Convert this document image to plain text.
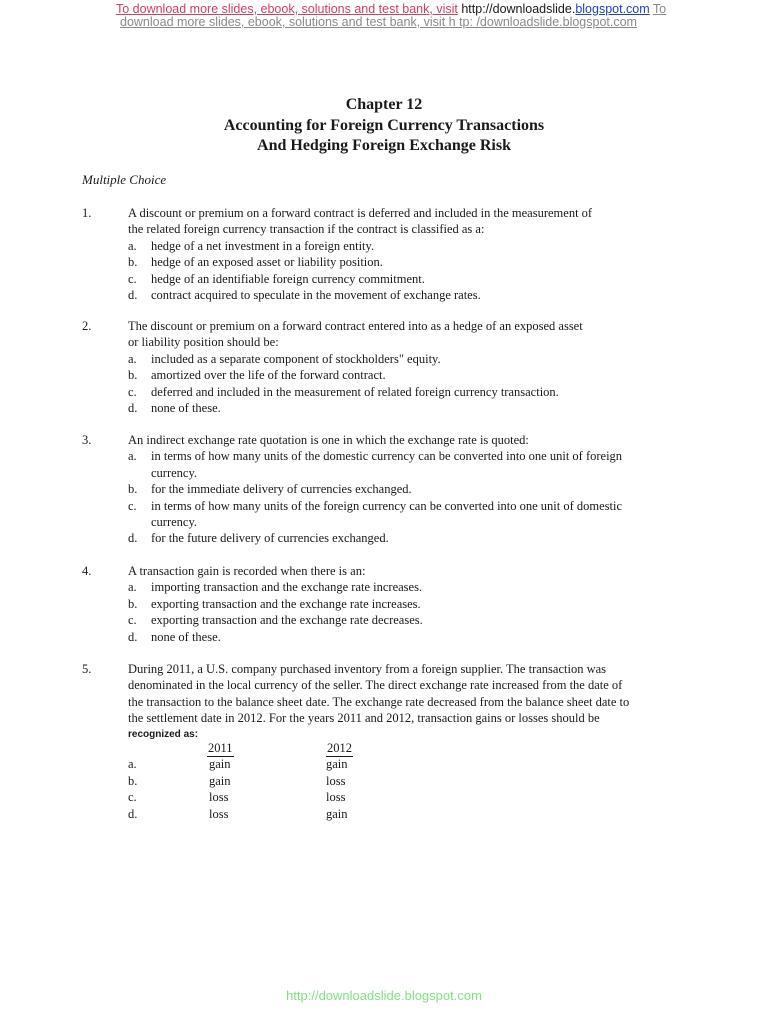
To download more slides, ebook, solutions and test bank, visit http://downloadslide.blogspot.com To
download more slides, ebook, solutions and test bank, visit h tp: /downloadslide.blogspot.com
Chapter 12
Accounting for Foreign Currency Transactions
And Hedging Foreign Exchange Risk
Multiple Choice
1.	A discount or premium on a forward contract is deferred and included in the measurement of
the related foreign currency transaction if the contract is classified as a:
a. hedge of a net investment in a foreign entity.
b. hedge of an exposed asset or liability position.
c. hedge of an identifiable foreign currency commitment.
d. contract acquired to speculate in the movement of exchange rates.
2.	The discount or premium on a forward contract entered into as a hedge of an exposed asset
or liability position should be:
a. included as a separate component of stockholders" equity.
b. amortized over the life of the forward contract.
c. deferred and included in the measurement of related foreign currency transaction.
d. none of these.
3.	An indirect exchange rate quotation is one in which the exchange rate is quoted:
a. in terms of how many units of the domestic currency can be converted into one unit of foreign
currency.
b. for the immediate delivery of currencies exchanged.
c. in terms of how many units of the foreign currency can be converted into one unit of domestic
currency.
d. for the future delivery of currencies exchanged.
4.	A transaction gain is recorded when there is an:
a. importing transaction and the exchange rate increases.
b. exporting transaction and the exchange rate increases.
c. exporting transaction and the exchange rate decreases.
d. none of these.
5.	During 2011, a U.S. company purchased inventory from a foreign supplier. The transaction was
denominated in the local currency of the seller. The direct exchange rate increased from the date of
the transaction to the balance sheet date. The exchange rate decreased from the balance sheet date to
the settlement date in 2012. For the years 2011 and 2012, transaction gains or losses should be
recognized as:
2011	2012
a.	gain	gain
b.	gain	loss
c.	loss	loss
d.	loss	gain
http://downloadslide.blogspot.com
